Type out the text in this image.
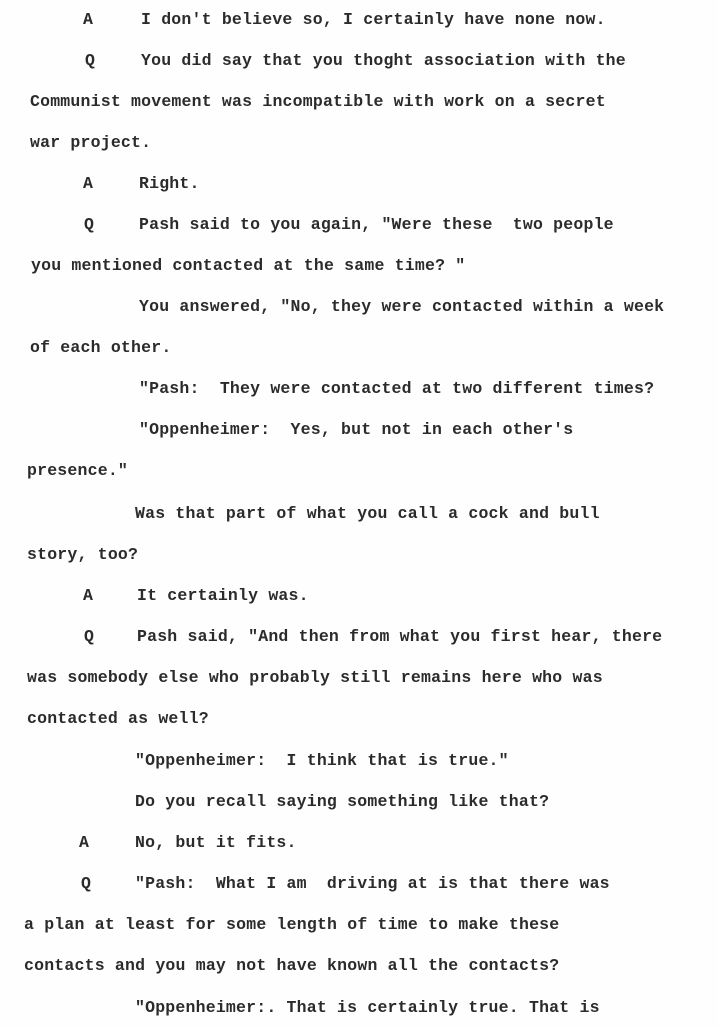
A	I don't believe so, I certainly have none now.
Q	You did say that you thoght association with the
Communist movement was incompatible with work on a secret
war project.
A	Right.
Q	Pash said to you again, "Were these  two people
you mentioned contacted at the same time? "
You answered, "No, they were contacted within a week
of each other.
"Pash:  They were contacted at two different times?
"Oppenheimer:  Yes, but not in each other's
presence."
Was that part of what you call a cock and bull
story, too?
A	It certainly was.
Q	Pash said, "And then from what you first hear, there
was somebody else who probably still remains here who was
contacted as well?
"Oppenheimer:  I think that is true."
Do you recall saying something like that?
A	No, but it fits.
Q	"Pash:  What I am  driving at is that there was
a plan at least for some length of time to make these
contacts and you may not have known all the contacts?
"Oppenheimer:. That is certainly true. That is
